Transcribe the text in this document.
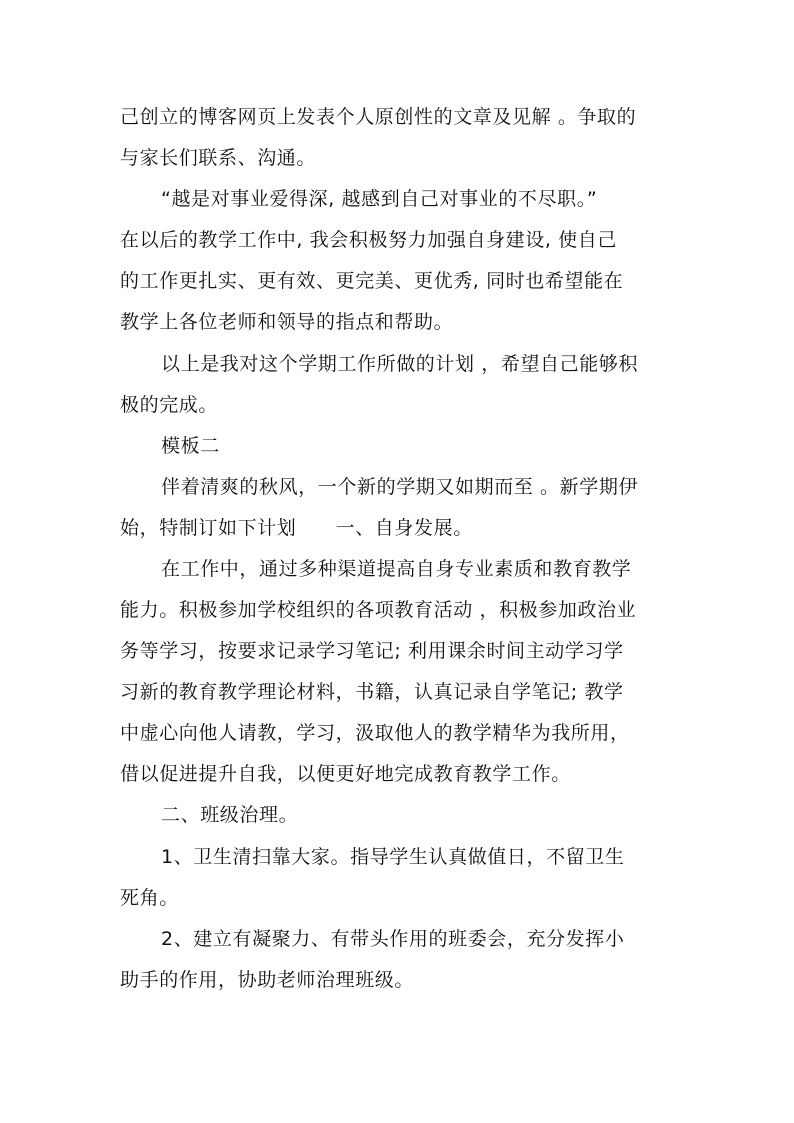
己创立的博客网页上发表个人原创性的文章及见解 。争取的
与家长们联系、沟通。
“越是对事业爱得深, 越感到自己对事业的不尽职。”
在以后的教学工作中, 我会积极努力加强自身建设, 使自己
的工作更扎实、更有效、更完美、更优秀, 同时也希望能在
教学上各位老师和领导的指点和帮助。
以上是我对这个学期工作所做的计划 ，希望自己能够积
极的完成。
模板二
伴着清爽的秋风，一个新的学期又如期而至 。新学期伊
始，特制订如下计划　　一、自身发展。
在工作中，通过多种渠道提高自身专业素质和教育教学
能力。积极参加学校组织的各项教育活动 ，积极参加政治业
务等学习，按要求记录学习笔记; 利用课余时间主动学习学
习新的教育教学理论材料，书籍，认真记录自学笔记; 教学
中虚心向他人请教，学习，汲取他人的教学精华为我所用，
借以促进提升自我，以便更好地完成教育教学工作。
二、班级治理。
1、卫生清扫靠大家。指导学生认真做值日，不留卫生
死角。
2、建立有凝聚力、有带头作用的班委会，充分发挥小
助手的作用，协助老师治理班级。
